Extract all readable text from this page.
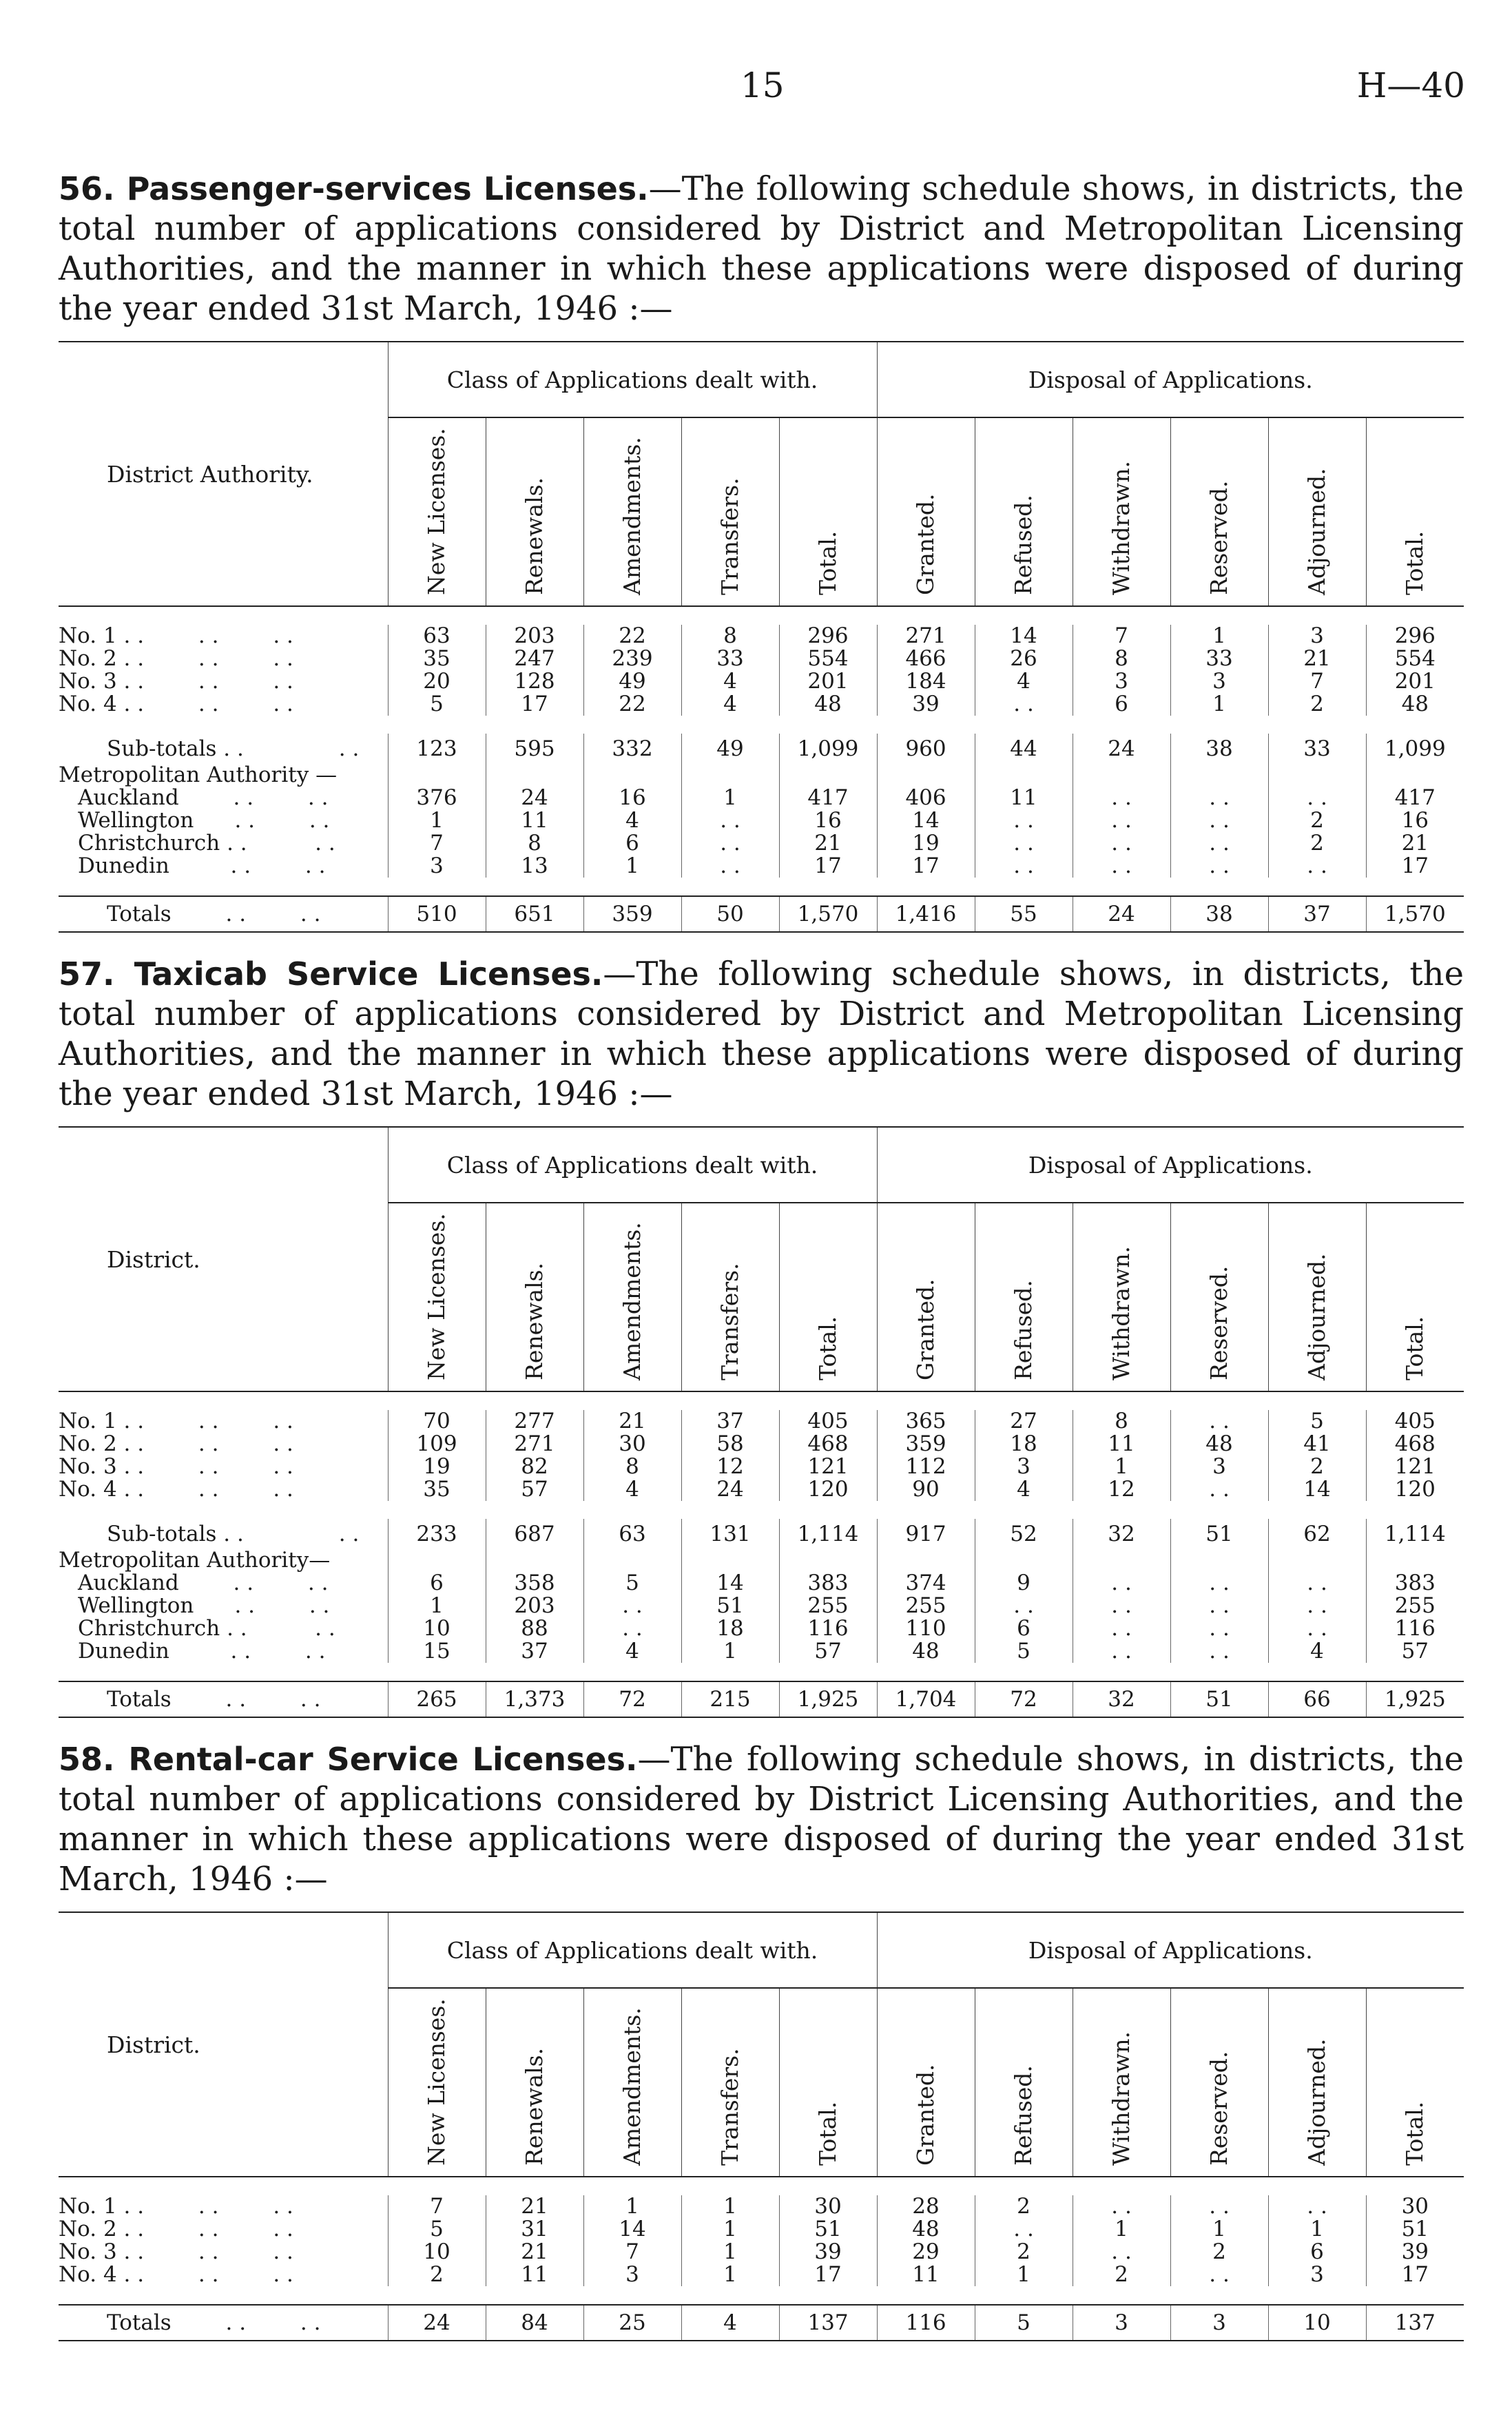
15	H—40

56. Passenger-services Licenses.—The following schedule shows, in districts, the total number of applications considered by District and Metropolitan Licensing Authorities, and the manner in which these applications were disposed of during the year ended 31st March, 1946 :—

District Authority.	Class of Applications dealt with.					Disposal of Applications.					
	New Licenses.	Renewals.	Amendments.	Transfers.	Total.	Granted.	Refused.	Withdrawn.	Reserved.	Adjourned.	Total.

No. 1 . .        . .        . .	63	203	22	8	296	271	14	7	1	3	296
No. 2 . .        . .        . .	35	247	239	33	554	466	26	8	33	21	554
No. 3 . .        . .        . .	20	128	49	4	201	184	4	3	3	7	201
No. 4 . .        . .        . .	5	17	22	4	48	39	. .	6	1	2	48

Sub-totals . .              . .	123	595	332	49	1,099	960	44	24	38	33	1,099
Metropolitan Authority —											
Auckland        . .        . .	376	24	16	1	417	406	11	. .	. .	. .	417
Wellington      . .        . .	1	11	4	. .	16	14	. .	. .	. .	2	16
Christchurch . .          . .	7	8	6	. .	21	19	. .	. .	. .	2	21
Dunedin         . .        . .	3	13	1	. .	17	17	. .	. .	. .	. .	17

Totals        . .        . .	510	651	359	50	1,570	1,416	55	24	38	37	1,570

57. Taxicab Service Licenses.—The following schedule shows, in districts, the total number of applications considered by District and Metropolitan Licensing Authorities, and the manner in which these applications were disposed of during the year ended 31st March, 1946 :—

District.	Class of Applications dealt with.					Disposal of Applications.					
	New Licenses.	Renewals.	Amendments.	Transfers.	Total.	Granted.	Refused.	Withdrawn.	Reserved.	Adjourned.	Total.

No. 1 . .        . .        . .	70	277	21	37	405	365	27	8	. .	5	405
No. 2 . .        . .        . .	109	271	30	58	468	359	18	11	48	41	468
No. 3 . .        . .        . .	19	82	8	12	121	112	3	1	3	2	121
No. 4 . .        . .        . .	35	57	4	24	120	90	4	12	. .	14	120

Sub-totals . .              . .	233	687	63	131	1,114	917	52	32	51	62	1,114
Metropolitan Authority—											
Auckland        . .        . .	6	358	5	14	383	374	9	. .	. .	. .	383
Wellington      . .        . .	1	203	. .	51	255	255	. .	. .	. .	. .	255
Christchurch . .          . .	10	88	. .	18	116	110	6	. .	. .	. .	116
Dunedin         . .        . .	15	37	4	1	57	48	5	. .	. .	4	57

Totals        . .        . .	265	1,373	72	215	1,925	1,704	72	32	51	66	1,925

58. Rental-car Service Licenses.—The following schedule shows, in districts, the total number of applications considered by District Licensing Authorities, and the manner in which these applications were disposed of during the year ended 31st March, 1946 :—

District.	Class of Applications dealt with.					Disposal of Applications.					
	New Licenses.	Renewals.	Amendments.	Transfers.	Total.	Granted.	Refused.	Withdrawn.	Reserved.	Adjourned.	Total.

No. 1 . .        . .        . .	7	21	1	1	30	28	2	. .	. .	. .	30
No. 2 . .        . .        . .	5	31	14	1	51	48	. .	1	1	1	51
No. 3 . .        . .        . .	10	21	7	1	39	29	2	. .	2	6	39
No. 4 . .        . .        . .	2	11	3	1	17	11	1	2	. .	3	17

Totals        . .        . .	24	84	25	4	137	116	5	3	3	10	137
